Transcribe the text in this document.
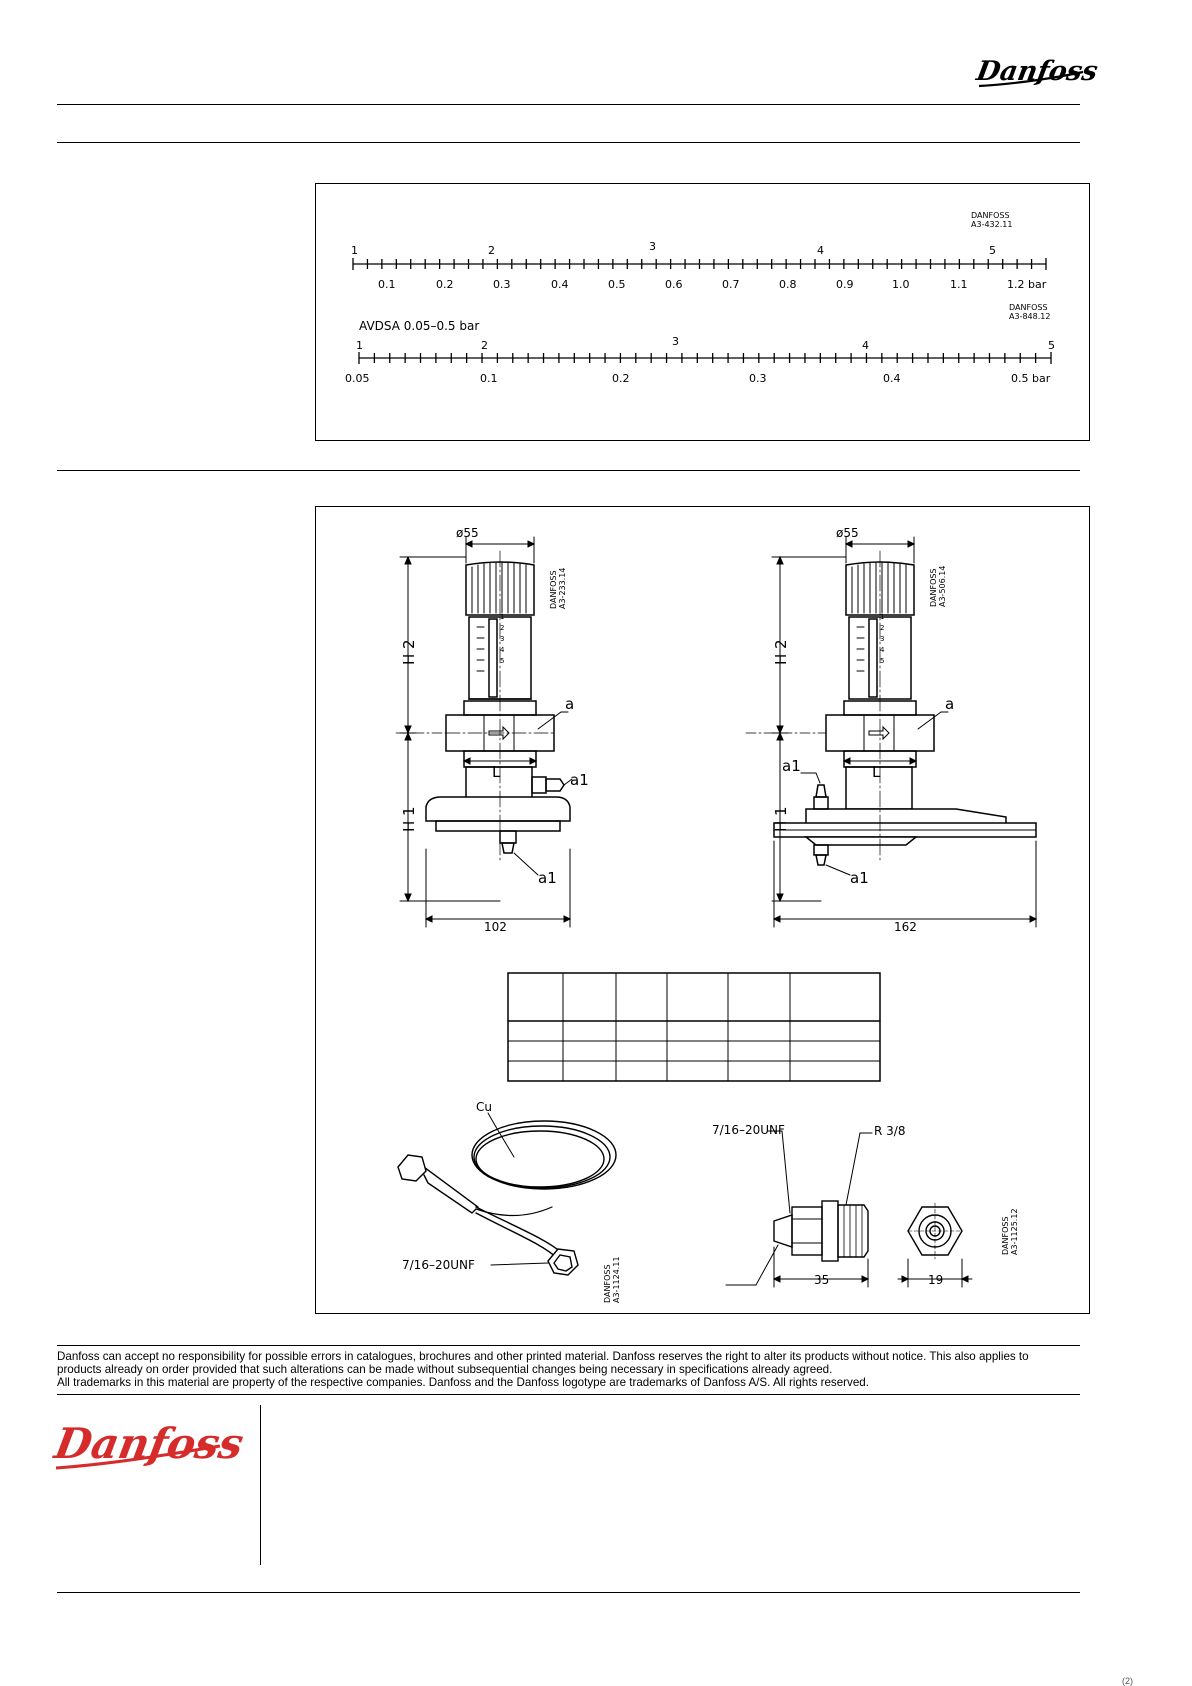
Danfoss
DANFOSS
A3-432.11
1	2	3	4	5
0.1	0.2	0.3	0.4	0.5	0.6	0.7	0.8	0.9	1.0	1.1	1.2 bar
DANFOSS
A3-848.12
AVDSA 0.05–0.5 bar
1	2	3	4	5
0.05	0.1	0.2	0.3	0.4	0.5 bar
1
2
3
4
5
ø55
H 2
H 1
a
a1
a1
L
102
DANFOSS A3-233.14
1
2
3
4
5
ø55
H 2
H 1
a
a1
a1
L
162
DANFOSS A3-506.14
Cu
7/16–20UNF	DANFOSS A3-1124.11
7/16–20UNF	R 3/8
35	19
DANFOSS A3-1125.12
Danfoss can accept no responsibility for possible errors in catalogues, brochures and other printed material. Danfoss reserves the right to alter its products without notice. This also applies to
products already on order provided that such alterations can be made without subsequential changes being necessary in specifications already agreed.
All trademarks in this material are property of the respective companies. Danfoss and the Danfoss logotype are trademarks of Danfoss A/S. All rights reserved.
Danfoss
(2)
